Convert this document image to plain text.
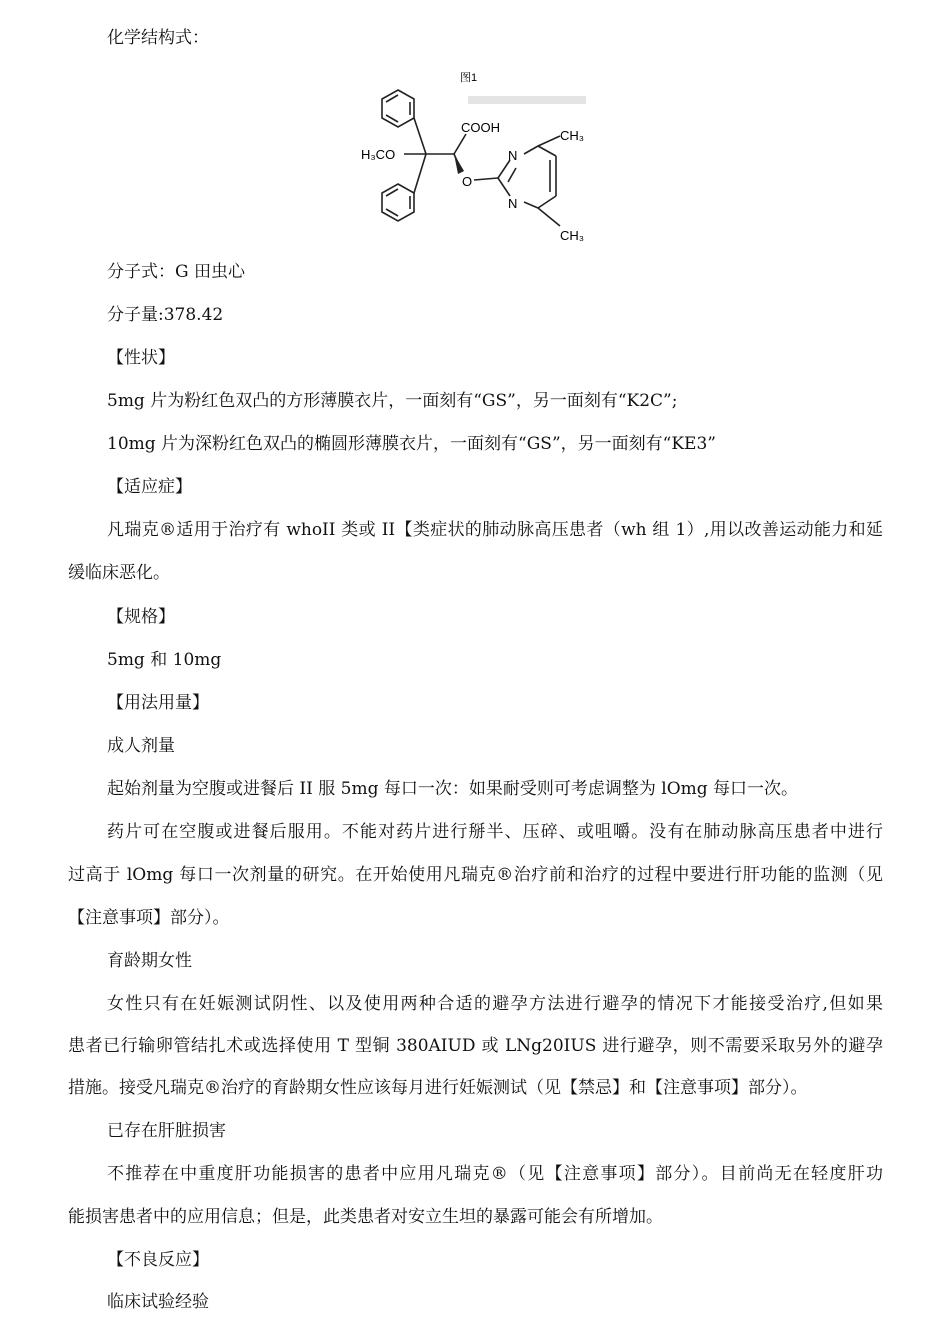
化学结构式：
图1
COOH
H₃CO
O
N
N
CH₃
CH₃
分子式：G 田虫心
分子量:378.42
【性状】
5mg 片为粉红色双凸的方形薄膜衣片，一面刻有“GS”，另一面刻有“K2C”;
10mg 片为深粉红色双凸的椭圆形薄膜衣片，一面刻有“GS”，另一面刻有“KE3”
【适应症】
凡瑞克®适用于治疗有 whoII 类或 II【类症状的肺动脉高压患者（wh 组 1）,用以改善运动能力和延
缓临床恶化。
【规格】
5mg 和 10mg
【用法用量】
成人剂量
起始剂量为空腹或进餐后 II 服 5mg 每口一次：如果耐受则可考虑调整为 lOmg 每口一次。
药片可在空腹或进餐后服用。不能对药片进行掰半、压碎、或咀嚼。没有在肺动脉高压患者中进行
过高于 lOmg 每口一次剂量的研究。在开始使用凡瑞克®治疗前和治疗的过程中要进行肝功能的监测（见
【注意事项】部分）。
育龄期女性
女性只有在妊娠测试阴性、以及使用两种合适的避孕方法进行避孕的情况下才能接受治疗,但如果
患者已行输卵管结扎术或选择使用 T 型铜 380AIUD 或 LNg20IUS 进行避孕，则不需要采取另外的避孕
措施。接受凡瑞克®治疗的育龄期女性应该每月进行妊娠测试（见【禁忌】和【注意事项】部分）。
已存在肝脏损害
不推荐在中重度肝功能损害的患者中应用凡瑞克®（见【注意事项】部分）。目前尚无在轻度肝功
能损害患者中的应用信息；但是，此类患者对安立生坦的暴露可能会有所增加。
【不良反应】
临床试验经验
